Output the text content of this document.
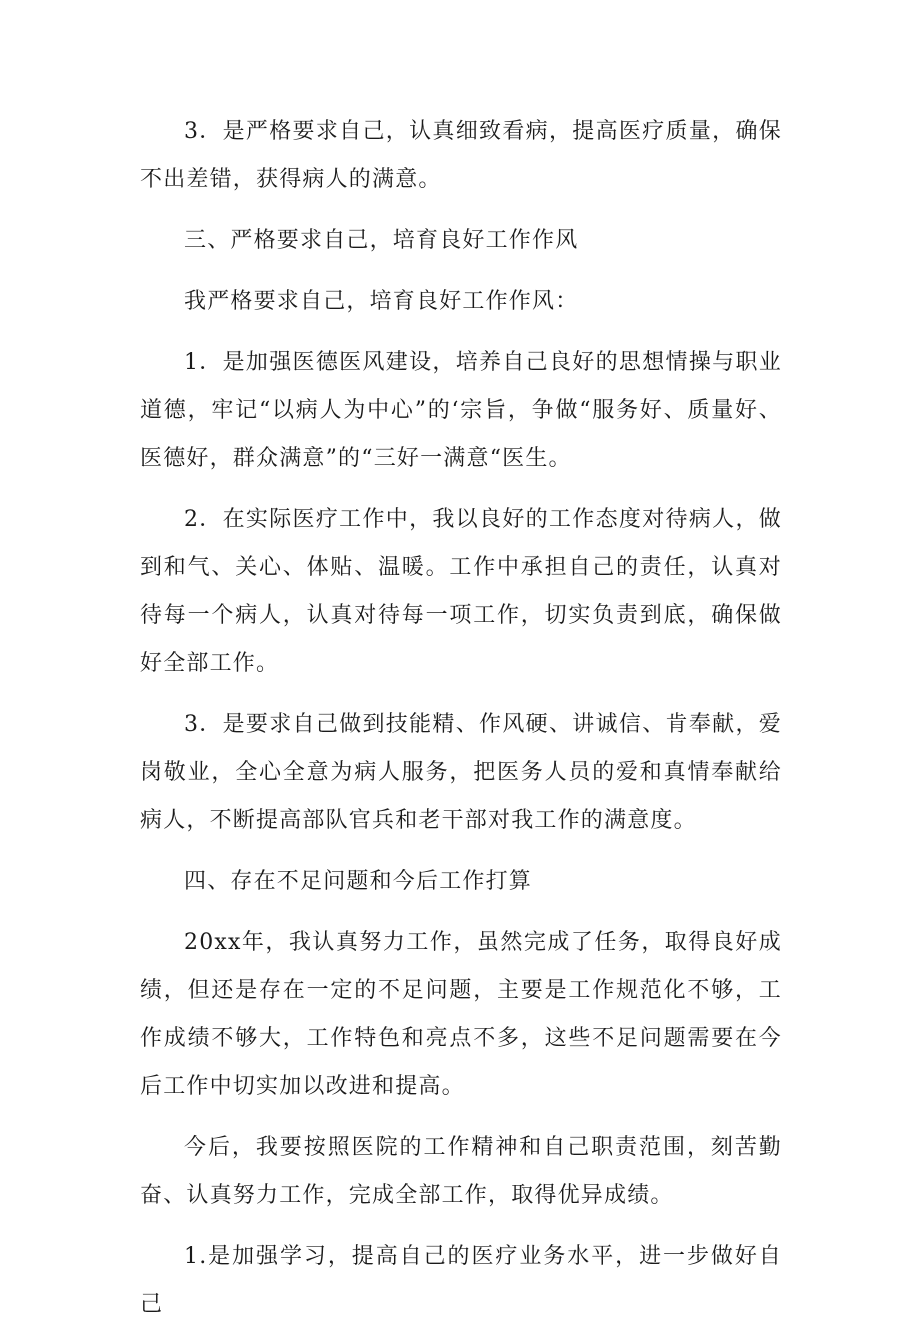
3．是严格要求自己，认真细致看病，提高医疗质量，确保不出差错，获得病人的满意。

三、严格要求自己，培育良好工作作风

我严格要求自己，培育良好工作作风：

1．是加强医德医风建设，培养自己良好的思想情操与职业道德，牢记“以病人为中心”的‘宗旨，争做“服务好、质量好、医德好，群众满意”的“三好一满意“医生。

2．在实际医疗工作中，我以良好的工作态度对待病人，做到和气、关心、体贴、温暖。工作中承担自己的责任，认真对待每一个病人，认真对待每一项工作，切实负责到底，确保做好全部工作。

3．是要求自己做到技能精、作风硬、讲诚信、肯奉献，爱岗敬业，全心全意为病人服务，把医务人员的爱和真情奉献给病人，不断提高部队官兵和老干部对我工作的满意度。

四、存在不足问题和今后工作打算

20xx年，我认真努力工作，虽然完成了任务，取得良好成绩，但还是存在一定的不足问题，主要是工作规范化不够，工作成绩不够大，工作特色和亮点不多，这些不足问题需要在今后工作中切实加以改进和提高。

今后，我要按照医院的工作精神和自己职责范围，刻苦勤奋、认真努力工作，完成全部工作，取得优异成绩。

1.是加强学习，提高自己的医疗业务水平，进一步做好自己
